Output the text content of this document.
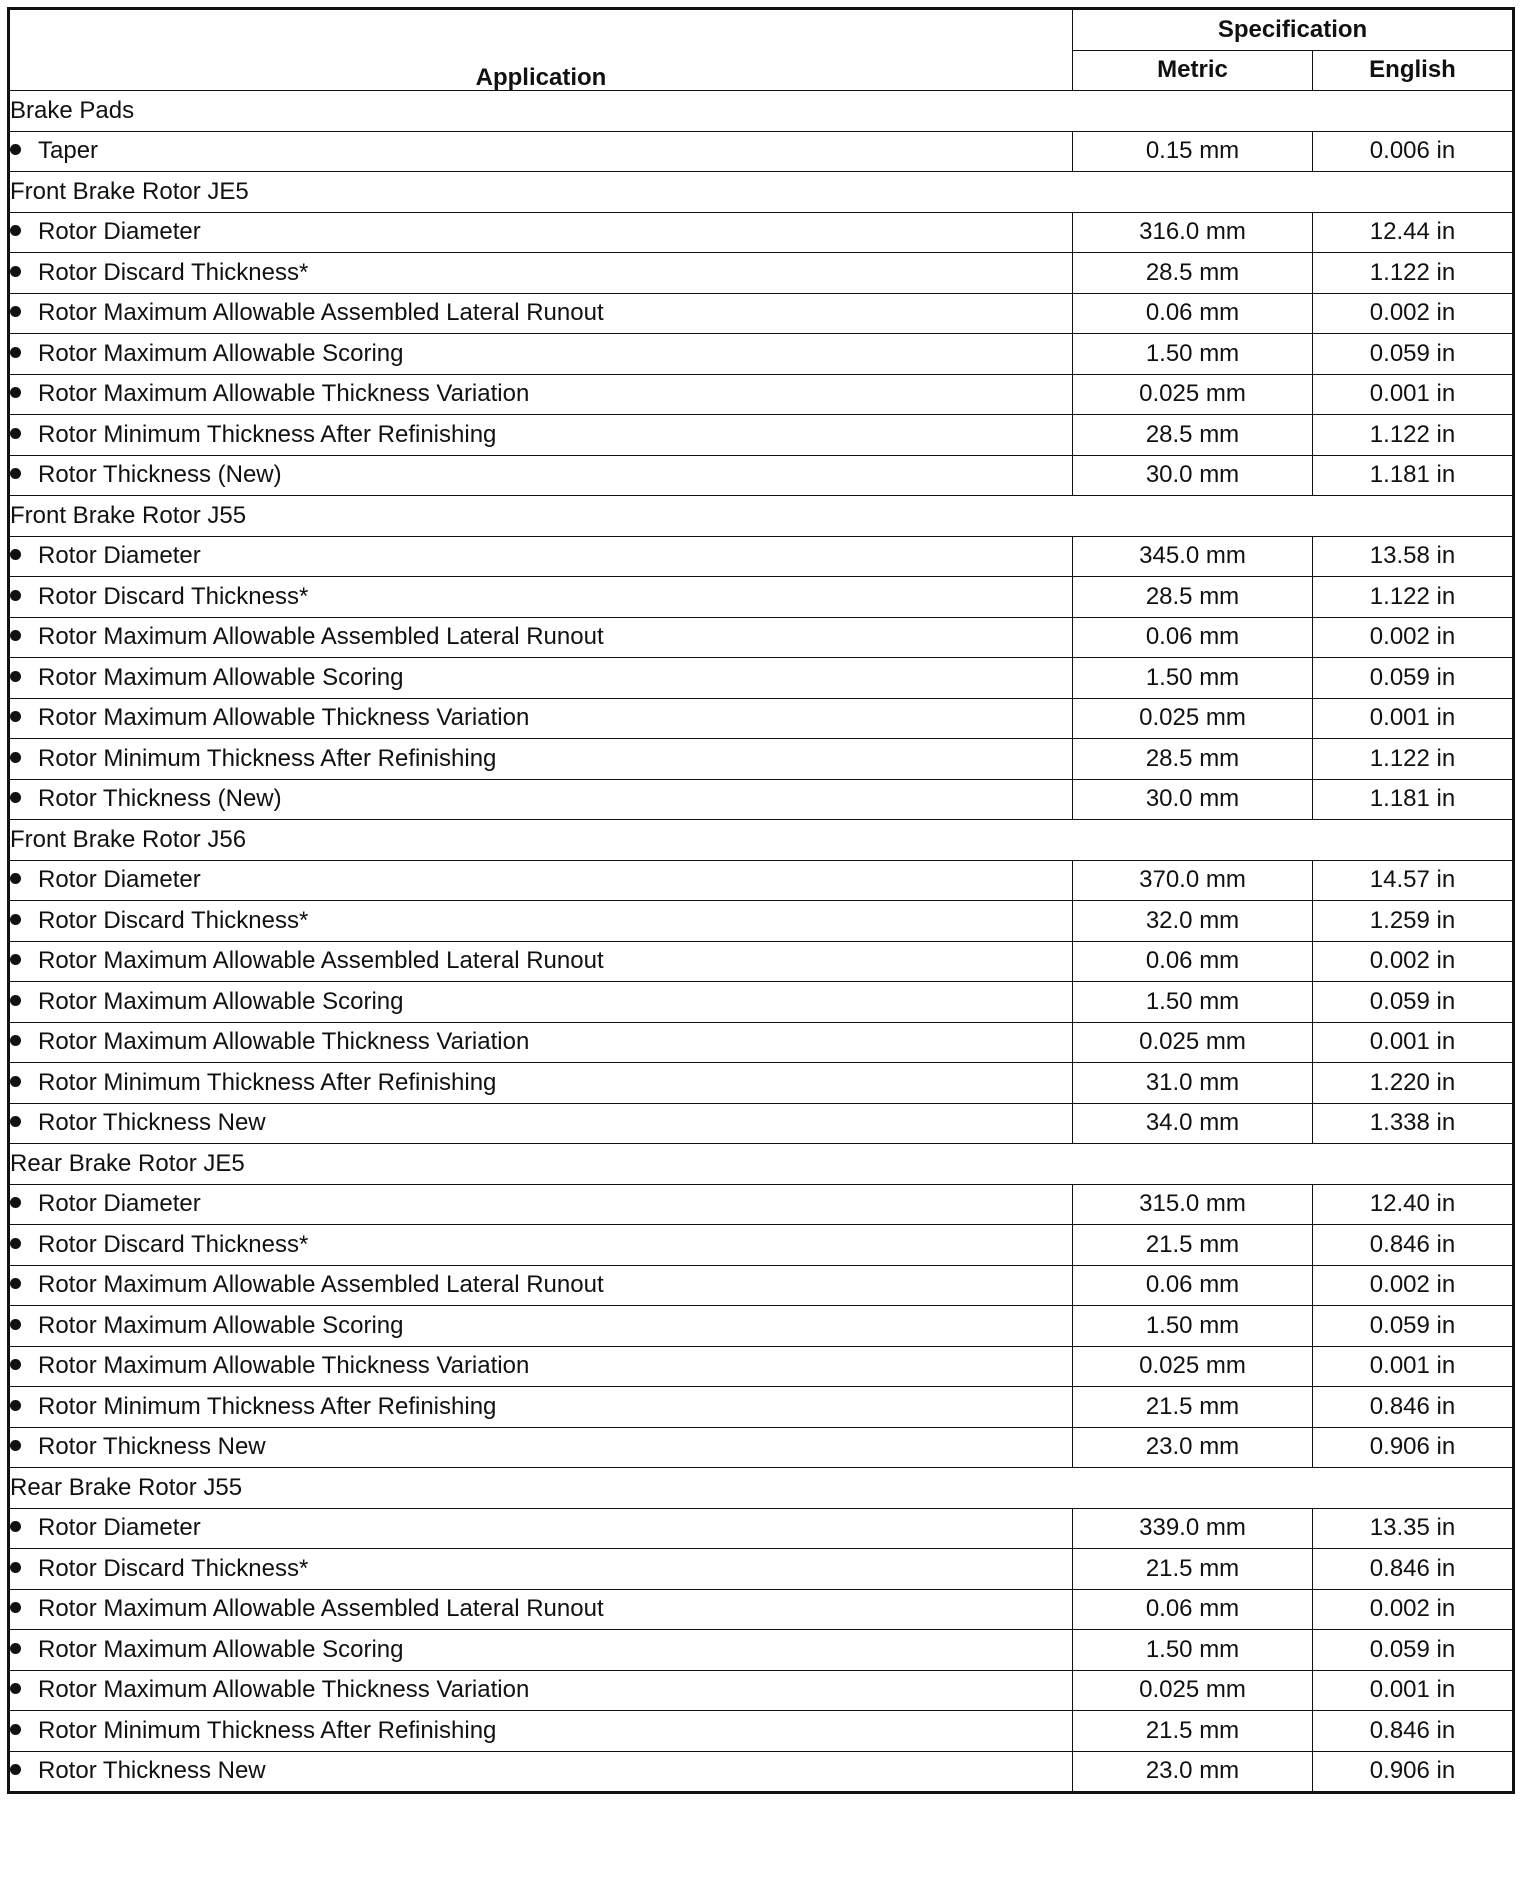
Application	Specification	
	Metric	English
Brake Pads		
Taper	0.15 mm	0.006 in
Front Brake Rotor JE5		
Rotor Diameter	316.0 mm	12.44 in
Rotor Discard Thickness*	28.5 mm	1.122 in
Rotor Maximum Allowable Assembled Lateral Runout	0.06 mm	0.002 in
Rotor Maximum Allowable Scoring	1.50 mm	0.059 in
Rotor Maximum Allowable Thickness Variation	0.025 mm	0.001 in
Rotor Minimum Thickness After Refinishing	28.5 mm	1.122 in
Rotor Thickness (New)	30.0 mm	1.181 in
Front Brake Rotor J55		
Rotor Diameter	345.0 mm	13.58 in
Rotor Discard Thickness*	28.5 mm	1.122 in
Rotor Maximum Allowable Assembled Lateral Runout	0.06 mm	0.002 in
Rotor Maximum Allowable Scoring	1.50 mm	0.059 in
Rotor Maximum Allowable Thickness Variation	0.025 mm	0.001 in
Rotor Minimum Thickness After Refinishing	28.5 mm	1.122 in
Rotor Thickness (New)	30.0 mm	1.181 in
Front Brake Rotor J56		
Rotor Diameter	370.0 mm	14.57 in
Rotor Discard Thickness*	32.0 mm	1.259 in
Rotor Maximum Allowable Assembled Lateral Runout	0.06 mm	0.002 in
Rotor Maximum Allowable Scoring	1.50 mm	0.059 in
Rotor Maximum Allowable Thickness Variation	0.025 mm	0.001 in
Rotor Minimum Thickness After Refinishing	31.0 mm	1.220 in
Rotor Thickness New	34.0 mm	1.338 in
Rear Brake Rotor JE5		
Rotor Diameter	315.0 mm	12.40 in
Rotor Discard Thickness*	21.5 mm	0.846 in
Rotor Maximum Allowable Assembled Lateral Runout	0.06 mm	0.002 in
Rotor Maximum Allowable Scoring	1.50 mm	0.059 in
Rotor Maximum Allowable Thickness Variation	0.025 mm	0.001 in
Rotor Minimum Thickness After Refinishing	21.5 mm	0.846 in
Rotor Thickness New	23.0 mm	0.906 in
Rear Brake Rotor J55		
Rotor Diameter	339.0 mm	13.35 in
Rotor Discard Thickness*	21.5 mm	0.846 in
Rotor Maximum Allowable Assembled Lateral Runout	0.06 mm	0.002 in
Rotor Maximum Allowable Scoring	1.50 mm	0.059 in
Rotor Maximum Allowable Thickness Variation	0.025 mm	0.001 in
Rotor Minimum Thickness After Refinishing	21.5 mm	0.846 in
Rotor Thickness New	23.0 mm	0.906 in
